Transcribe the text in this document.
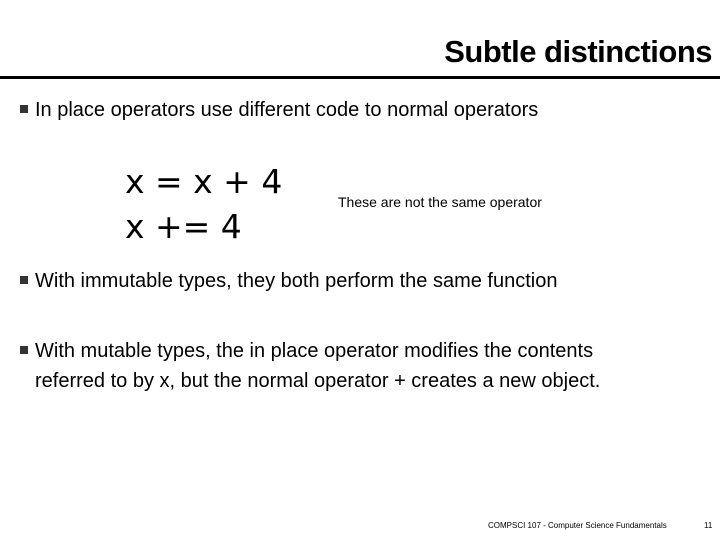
Subtle distinctions
In place operators use different code to normal operators
x = x + 4
x += 4
These are not the same operator
With immutable types, they both perform the same function
With mutable types, the in place operator modifies the contents
referred to by x, but the normal operator + creates a new object.
COMPSCI 107 - Computer Science Fundamentals	11
